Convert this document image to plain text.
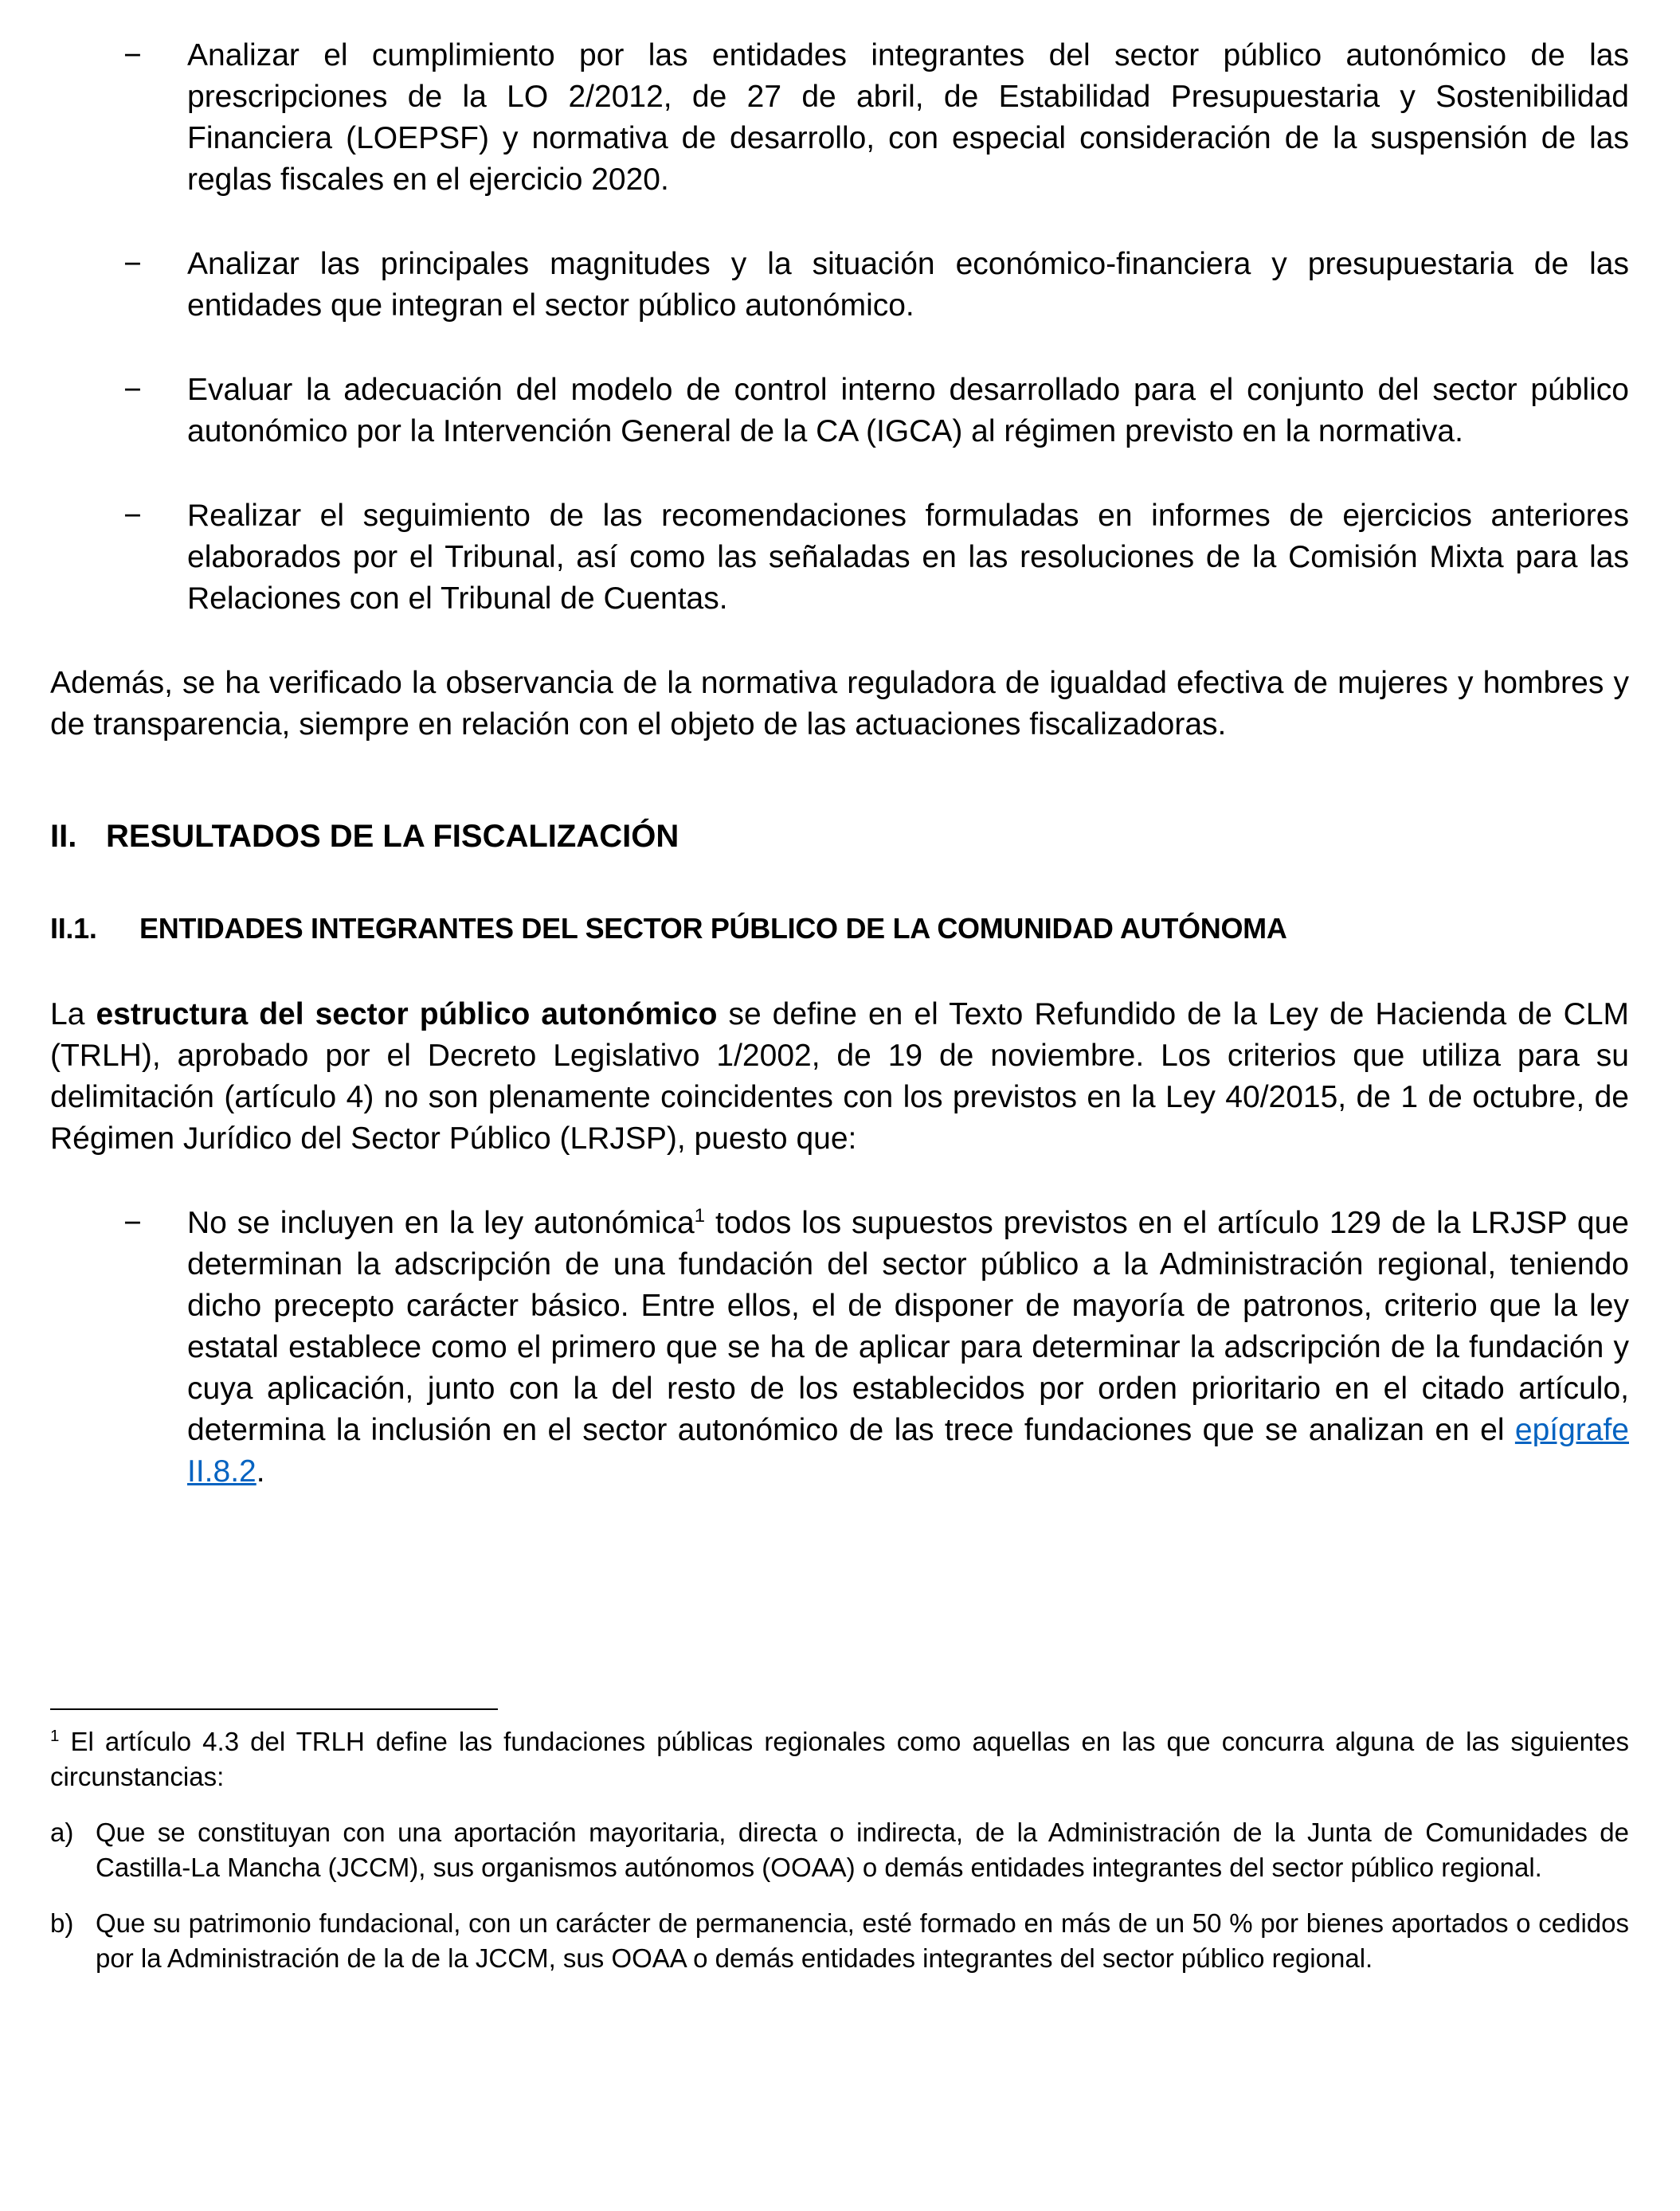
−	Analizar el cumplimiento por las entidades integrantes del sector público autonómico de las prescripciones de la LO 2/2012, de 27 de abril, de Estabilidad Presupuestaria y Sostenibilidad Financiera (LOEPSF) y normativa de desarrollo, con especial consideración de la suspensión de las reglas fiscales en el ejercicio 2020.
−	Analizar las principales magnitudes y la situación económico-financiera y presupuestaria de las entidades que integran el sector público autonómico.
−	Evaluar la adecuación del modelo de control interno desarrollado para el conjunto del sector público autonómico por la Intervención General de la CA (IGCA) al régimen previsto en la normativa.
−	Realizar el seguimiento de las recomendaciones formuladas en informes de ejercicios anteriores elaborados por el Tribunal, así como las señaladas en las resoluciones de la Comisión Mixta para las Relaciones con el Tribunal de Cuentas.

Además, se ha verificado la observancia de la normativa reguladora de igualdad efectiva de mujeres y hombres y de transparencia, siempre en relación con el objeto de las actuaciones fiscalizadoras.

II. RESULTADOS DE LA FISCALIZACIÓN
II.1.	ENTIDADES INTEGRANTES DEL SECTOR PÚBLICO DE LA COMUNIDAD AUTÓNOMA

La estructura del sector público autonómico se define en el Texto Refundido de la Ley de Hacienda de CLM (TRLH), aprobado por el Decreto Legislativo 1/2002, de 19 de noviembre. Los criterios que utiliza para su delimitación (artículo 4) no son plenamente coincidentes con los previstos en la Ley 40/2015, de 1 de octubre, de Régimen Jurídico del Sector Público (LRJSP), puesto que:

−	No se incluyen en la ley autonómica$^1$ todos los supuestos previstos en el artículo 129 de la LRJSP que determinan la adscripción de una fundación del sector público a la Administración regional, teniendo dicho precepto carácter básico. Entre ellos, el de disponer de mayoría de patronos, criterio que la ley estatal establece como el primero que se ha de aplicar para determinar la adscripción de la fundación y cuya aplicación, junto con la del resto de los establecidos por orden prioritario en el citado artículo, determina la inclusión en el sector autonómico de las trece fundaciones que se analizan en el epígrafe II.8.2.

$^1$ El artículo 4.3 del TRLH define las fundaciones públicas regionales como aquellas en las que concurra alguna de las siguientes circunstancias:

a) Que se constituyan con una aportación mayoritaria, directa o indirecta, de la Administración de la Junta de Comunidades de Castilla-La Mancha (JCCM), sus organismos autónomos (OOAA) o demás entidades integrantes del sector público regional.
b) Que su patrimonio fundacional, con un carácter de permanencia, esté formado en más de un 50 % por bienes aportados o cedidos por la Administración de la de la JCCM, sus OOAA o demás entidades integrantes del sector público regional.
